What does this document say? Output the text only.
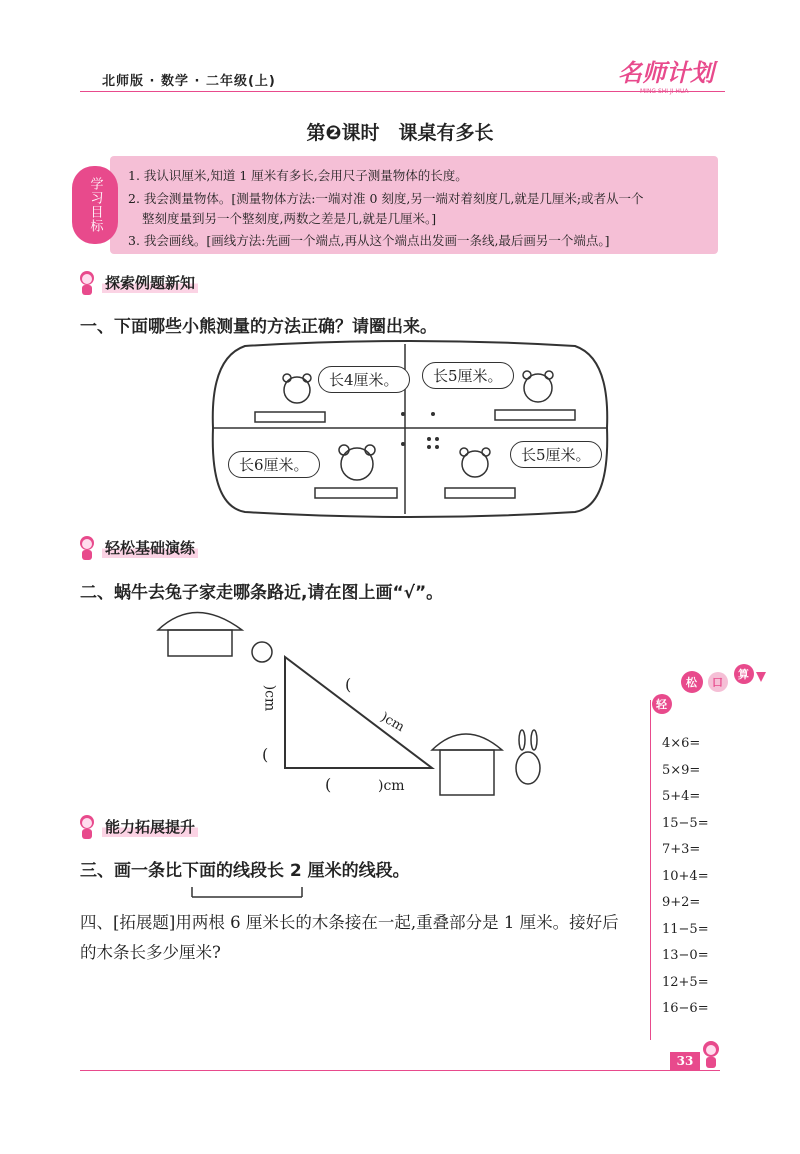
北师版 · 数学 · 二年级(上)	名师计划
MING SHI JI HUA
第❷课时　课桌有多长
学习目标
1. 我认识厘米,知道 1 厘米有多长,会用尺子测量物体的长度。
2. 我会测量物体。[测量物体方法:一端对准 0 刻度,另一端对着刻度几,就是几厘米;或者从一个
整刻度量到另一个整刻度,两数之差是几,就是几厘米。]
3. 我会画线。[画线方法:先画一个端点,再从这个端点出发画一条线,最后画另一个端点。]
探索例题新知
一、下面哪些小熊测量的方法正确？请圈出来。
长4厘米。	长5厘米。
长6厘米。
长5厘米。
轻松基础演练
二、蜗牛去兔子家走哪条路近,请在图上画“√”。
(
)cm
(
)cm
(	)cm
能力拓展提升
三、画一条比下面的线段长 2 厘米的线段。
四、[拓展题]用两根 6 厘米长的木条接在一起,重叠部分是 1 厘米。接好后的木条长多少厘米?
轻
松 口
算
4×6=
5×9=
5+4=
15−5=
7+3=
10+4=
9+2=
11−5=
13−0=
12+5=
16−6=
33
